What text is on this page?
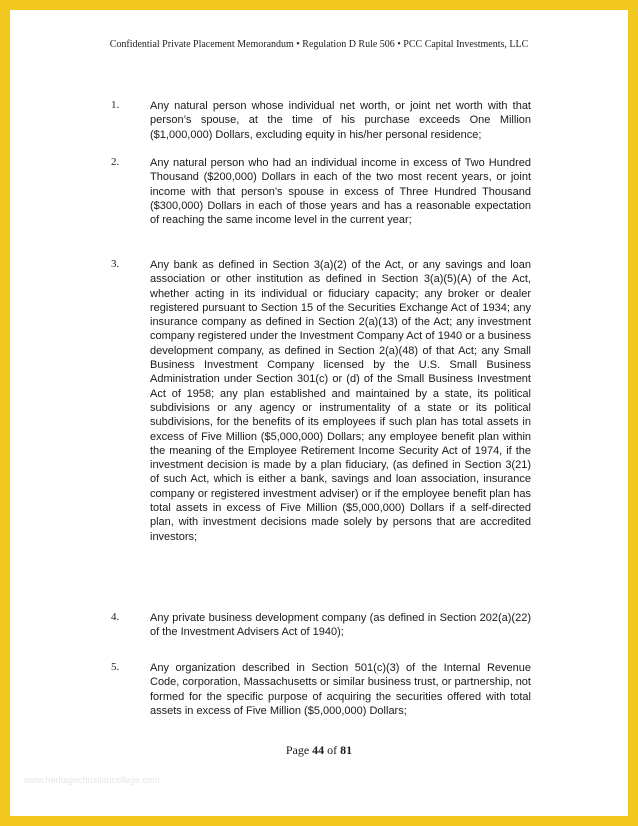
Confidential Private Placement Memorandum • Regulation D Rule 506 • PCC Capital Investments, LLC
1.	Any natural person whose individual net worth, or joint net worth with that person’s spouse, at the time of his purchase exceeds One Million ($1,000,000) Dollars, excluding equity in his/her personal residence;
2.	Any natural person who had an individual income in excess of Two Hundred Thousand ($200,000) Dollars in each of the two most recent years, or joint income with that person’s spouse in excess of Three Hundred Thousand ($300,000) Dollars in each of those years and has a reasonable expectation of reaching the same income level in the current year;
3.	Any bank as defined in Section 3(a)(2) of the Act, or any savings and loan association or other institution as defined in Section 3(a)(5)(A) of the Act, whether acting in its individual or fiduciary capacity; any broker or dealer registered pursuant to Section 15 of the Securities Exchange Act of 1934; any insurance company as defined in Section 2(a)(13) of the Act; any investment company registered under the Investment Company Act of 1940 or a business development company, as defined in Section 2(a)(48) of that Act; any Small Business Investment Company licensed by the U.S. Small Business Administration under Section 301(c) or (d) of the Small Business Investment Act of 1958; any plan established and maintained by a state, its political subdivisions or any agency or instrumentality of a state or its political subdivisions, for the benefits of its employees if such plan has total assets in excess of Five Million ($5,000,000) Dollars; any employee benefit plan within the meaning of the Employee Retirement Income Security Act of 1974, if the investment decision is made by a plan fiduciary, (as defined in Section 3(21) of such Act, which is either a bank, savings and loan association, insurance company or registered investment adviser) or if the employee benefit plan has total assets in excess of Five Million ($5,000,000) Dollars if a self-directed plan, with investment decisions made solely by persons that are accredited investors;
4.	Any private business development company (as defined in Section 202(a)(22) of the Investment Advisers Act of 1940);
5.	Any organization described in Section 501(c)(3) of the Internal Revenue Code, corporation, Massachusetts or similar business trust, or partnership, not formed for the specific purpose of acquiring the securities offered with total assets in excess of Five Million ($5,000,000) Dollars;
Page 44 of 81
www.heritagechristiancollege.com
